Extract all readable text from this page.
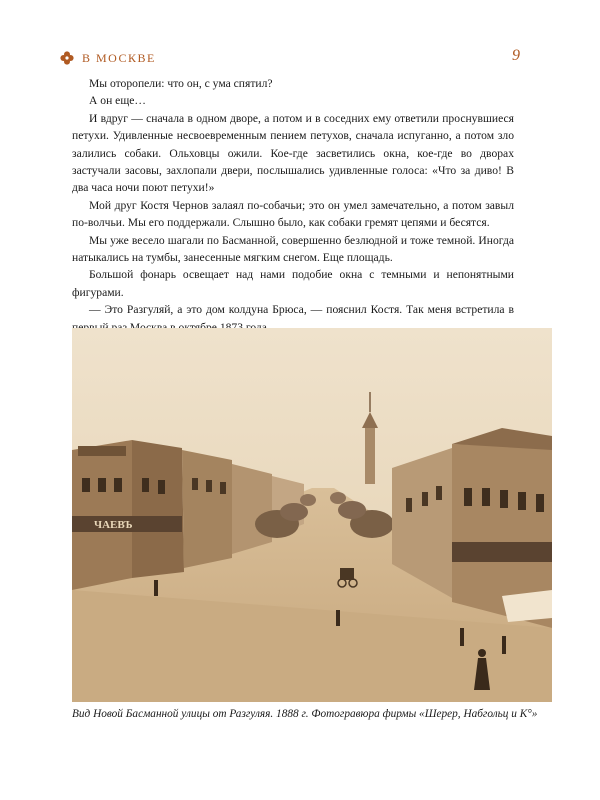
В МОСКВЕ	9

Мы оторопели: что он, с ума спятил?

А он еще…

И вдруг — сначала в одном дворе, а потом и в соседних ему ответили проснувшиеся петухи. Удивленные несвоевременным пением петухов, сначала испуганно, а потом зло залились собаки. Ольховцы ожили. Кое-где засветились окна, кое-где во дворах застучали засовы, захлопали двери, послышались удивленные голоса: «Что за диво! В два часа ночи поют петухи!»

Мой друг Костя Чернов залаял по-собачьи; это он умел замечательно, а потом завыл по-волчьи. Мы его поддержали. Слышно было, как собаки гремят цепями и бесятся.

Мы уже весело шагали по Басманной, совершенно безлюдной и тоже темной. Иногда натыкались на тумбы, занесенные мягким снегом. Еще площадь.

Большой фонарь освещает над нами подобие окна с темными и непонятными фигурами.

— Это Разгуляй, а это дом колдуна Брюса, — пояснил Костя. Так меня встретила в

ЧАЕВЪ
Вид Новой Басманной улицы от Разгуляя. 1888 г. Фотогравюра фирмы «Шерер, Набгольц и К°»
